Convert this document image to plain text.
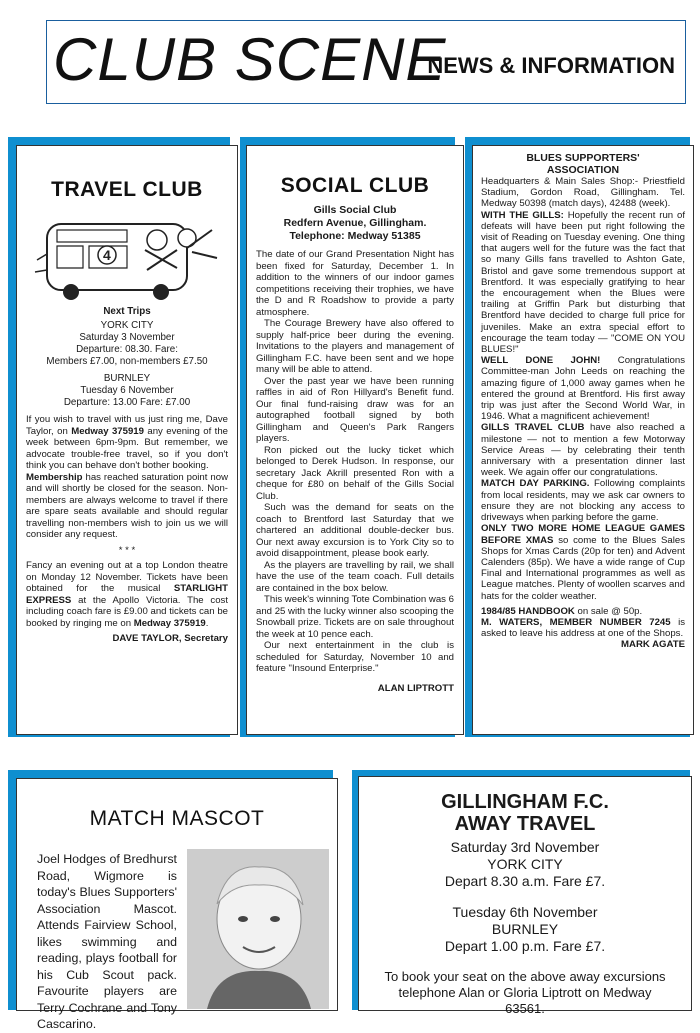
CLUB SCENE
NEWS & INFORMATION
TRAVEL CLUB
4
Next Trips
YORK CITY
Saturday 3 November
Departure: 08.30. Fare:
Members £7.00, non-members £7.50
BURNLEY
Tuesday 6 November
Departure: 13.00 Fare: £7.00

If you wish to travel with us just ring me, Dave Taylor, on Medway 375919 any evening of the week between 6pm-9pm. But remember, we advocate trouble-free travel, so if you don't think you can behave don't bother booking.

Membership has reached saturation point now and will shortly be closed for the season. Non-members are always welcome to travel if there are spare seats available and should regular travelling non-members wish to join us we will consider any request.

* * *

Fancy an evening out at a top London theatre on Monday 12 November. Tickets have been obtained for the musical STARLIGHT EXPRESS at the Apollo Victoria. The cost including coach fare is £9.00 and tickets can be booked by ringing me on Medway 375919.

DAVE TAYLOR, Secretary
SOCIAL CLUB
Gills Social Club
Redfern Avenue, Gillingham.
Telephone: Medway 51385

The date of our Grand Presentation Night has been fixed for Saturday, December 1. In addition to the winners of our indoor games competitions receiving their trophies, we have the D and R Roadshow to provide a party atmosphere.

The Courage Brewery have also offered to supply half-price beer during the evening. Invitations to the players and management of Gillingham F.C. have been sent and we hope many will be able to attend.

Over the past year we have been running raffles in aid of Ron Hillyard's Benefit fund. Our final fund-raising draw was for an autographed football signed by both Gillingham and Queen's Park Rangers players.

Ron picked out the lucky ticket which belonged to Derek Hudson. In response, our secretary Jack Akrill presented Ron with a cheque for £80 on behalf of the Gills Social Club.

Such was the demand for seats on the coach to Brentford last Saturday that we chartered an additional double-decker bus. Our next away excursion is to York City so to avoid disappointment, please book early.

As the players are travelling by rail, we shall have the use of the team coach. Full details are contained in the box below.

This week's winning Tote Combination was 6 and 25 with the lucky winner also scooping the Snowball prize. Tickets are on sale throughout the week at 10 pence each.

Our next entertainment in the club is scheduled for Saturday, November 10 and feature "Insound Enterprise."

ALAN LIPTROTT
BLUES SUPPORTERS'
ASSOCIATION

Headquarters & Main Sales Shop:- Priestfield Stadium, Gordon Road, Gillingham. Tel. Medway 50398 (match days), 42488 (week).

WITH THE GILLS: Hopefully the recent run of defeats will have been put right following the visit of Reading on Tuesday evening. One thing that augers well for the future was the fact that so many Gills fans travelled to Ashton Gate, Bristol and gave some tremendous support at Brentford. It was especially gratifying to hear the encouragement when the Blues were trailing at Griffin Park but disturbing that Brentford have decided to charge full price for juveniles. Make an extra special effort to encourage the team today — "COME ON YOU BLUES!"

WELL DONE JOHN! Congratulations Committee-man John Leeds on reaching the amazing figure of 1,000 away games when he entered the ground at Brentford. His first away trip was just after the Second World War, in 1946. What a magnificent achievement!

GILLS TRAVEL CLUB have also reached a milestone — not to mention a few Motorway Service Areas — by celebrating their tenth anniversary with a presentation dinner last week. We again offer our congratulations.

MATCH DAY PARKING. Following complaints from local residents, may we ask car owners to ensure they are not blocking any access to driveways when parking before the game.

ONLY TWO MORE HOME LEAGUE GAMES BEFORE XMAS so come to the Blues Sales Shops for Xmas Cards (20p for ten) and Advent Calenders (85p). We have a wide range of Cup Final and International programmes as well as League matches. Plenty of woollen scarves and hats for the colder weather.

1984/85 HANDBOOK on sale @ 50p.

M. WATERS, MEMBER NUMBER 7245 is asked to leave his address at one of the Shops.

MARK AGATE
MATCH MASCOT
Joel Hodges of Bredhurst Road, Wigmore is today's Blues Supporters' Association Mascot. Attends Fairview School, likes swimming and reading, plays football for his Cub Scout pack. Favourite players are Terry Cochrane and Tony Cascarino.
GILLINGHAM F.C.
AWAY TRAVEL
Saturday 3rd November
YORK CITY
Depart 8.30 a.m. Fare £7.
Tuesday 6th November
BURNLEY
Depart 1.00 p.m. Fare £7.
To book your seat on the above away excursions telephone Alan or Gloria Liptrott on Medway 63561.
